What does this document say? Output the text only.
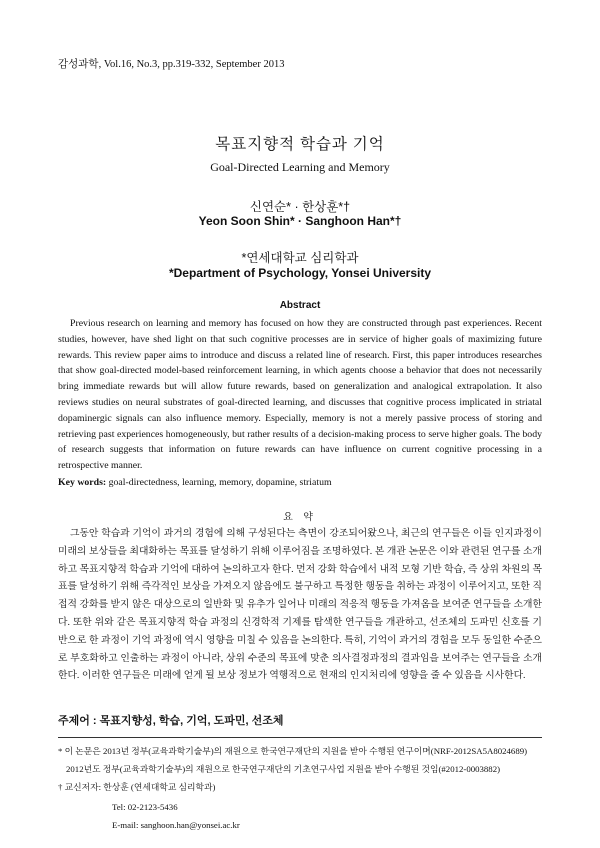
감성과학, Vol.16, No.3, pp.319-332, September 2013
목표지향적 학습과 기억
Goal-Directed Learning and Memory
신연순* · 한상훈*†
Yeon Soon Shin* · Sanghoon Han*†
*연세대학교 심리학과
*Department of Psychology, Yonsei University
Abstract

Previous research on learning and memory has focused on how they are constructed through past experiences. Recent studies, however, have shed light on that such cognitive processes are in service of higher goals of maximizing future rewards. This review paper aims to introduce and discuss a related line of research. First, this paper introduces researches that show goal-directed model-based reinforcement learning, in which agents choose a behavior that does not necessarily bring immediate rewards but will allow future rewards, based on generalization and analogical extrapolation. It also reviews studies on neural substrates of goal-directed learning, and discusses that cognitive process implicated in striatal dopaminergic signals can also influence memory. Especially, memory is not a merely passive process of storing and retrieving past experiences homogeneously, but rather results of a decision-making process to serve higher goals. The body of research suggests that information on future rewards can have influence on current cognitive processing in a retrospective manner.

Key words: goal-directedness, learning, memory, dopamine, striatum
요 약

그동안 학습과 기억이 과거의 경험에 의해 구성된다는 측면이 강조되어왔으나, 최근의 연구들은 이들 인지과정이 미래의 보상들을 최대화하는 목표를 달성하기 위해 이루어짐을 조명하였다. 본 개관 논문은 이와 관련된 연구를 소개하고 목표지향적 학습과 기억에 대하여 논의하고자 한다. 먼저 강화 학습에서 내적 모형 기반 학습, 즉 상위 차원의 목표를 달성하기 위해 즉각적인 보상을 가져오지 않음에도 불구하고 특정한 행동을 취하는 과정이 이루어지고, 또한 직접적 강화를 받지 않은 대상으로의 일반화 및 유추가 일어나 미래의 적응적 행동을 가져옴을 보여준 연구들을 소개한다. 또한 위와 같은 목표지향적 학습 과정의 신경학적 기제를 탐색한 연구들을 개관하고, 선조체의 도파민 신호를 기반으로 한 과정이 기억 과정에 역시 영향을 미칠 수 있음을 논의한다. 특히, 기억이 과거의 경험을 모두 동일한 수준으로 부호화하고 인출하는 과정이 아니라, 상위 수준의 목표에 맞춘 의사결정과정의 결과임을 보여주는 연구들을 소개한다. 이러한 연구들은 미래에 얻게 될 보상 정보가 역행적으로 현재의 인지처리에 영향을 줄 수 있음을 시사한다.

주제어 : 목표지향성, 학습, 기억, 도파민, 선조체
* 이 논문은 2013년 정부(교육과학기술부)의 재원으로 한국연구재단의 지원을 받아 수행된 연구이며(NRF-2012SA5A8024689)
2012년도 정부(교육과학기술부)의 재원으로 한국연구재단의 기초연구사업 지원을 받아 수행된 것임(#2012-0003882)
† 교신저자: 한상훈 (연세대학교 심리학과)
Tel: 02-2123-5436
E-mail: sanghoon.han@yonsei.ac.kr
